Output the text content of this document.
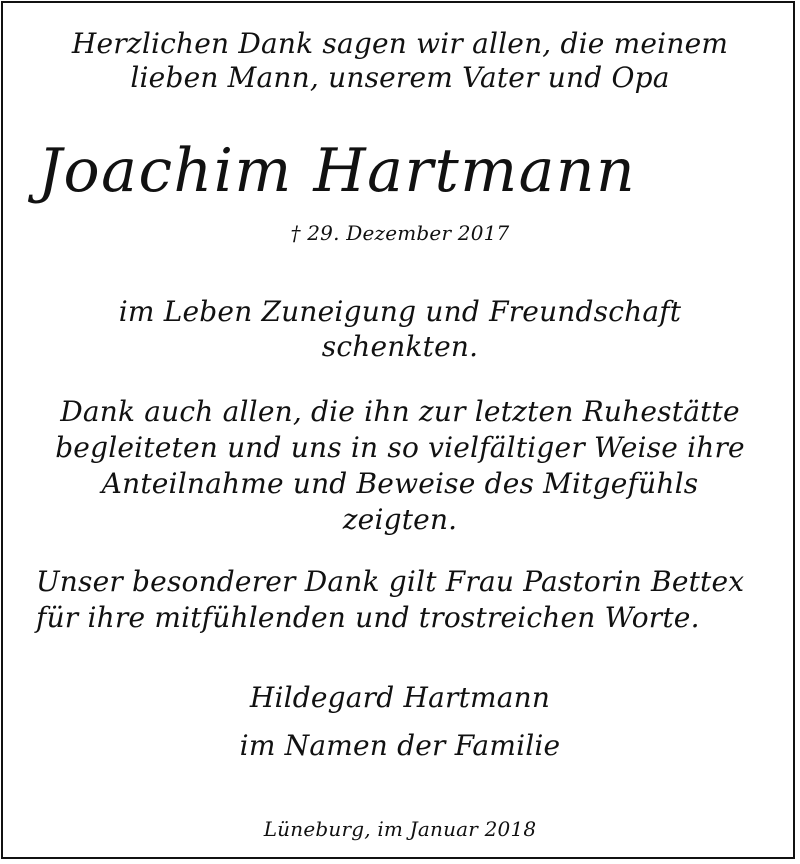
Herzlichen Dank sagen wir allen, die meinem
lieben Mann, unserem Vater und Opa
Joachim Hartmann
† 29. Dezember 2017
im Leben Zuneigung und Freundschaft
schenkten.
Dank auch allen, die ihn zur letzten Ruhestätte
begleiteten und uns in so vielfältiger Weise ihre
Anteilnahme und Beweise des Mitgefühls
zeigten.
Unser besonderer Dank gilt Frau Pastorin Bettex
für ihre mitfühlenden und trostreichen Worte.
Hildegard Hartmann
im Namen der Familie
Lüneburg, im Januar 2018
